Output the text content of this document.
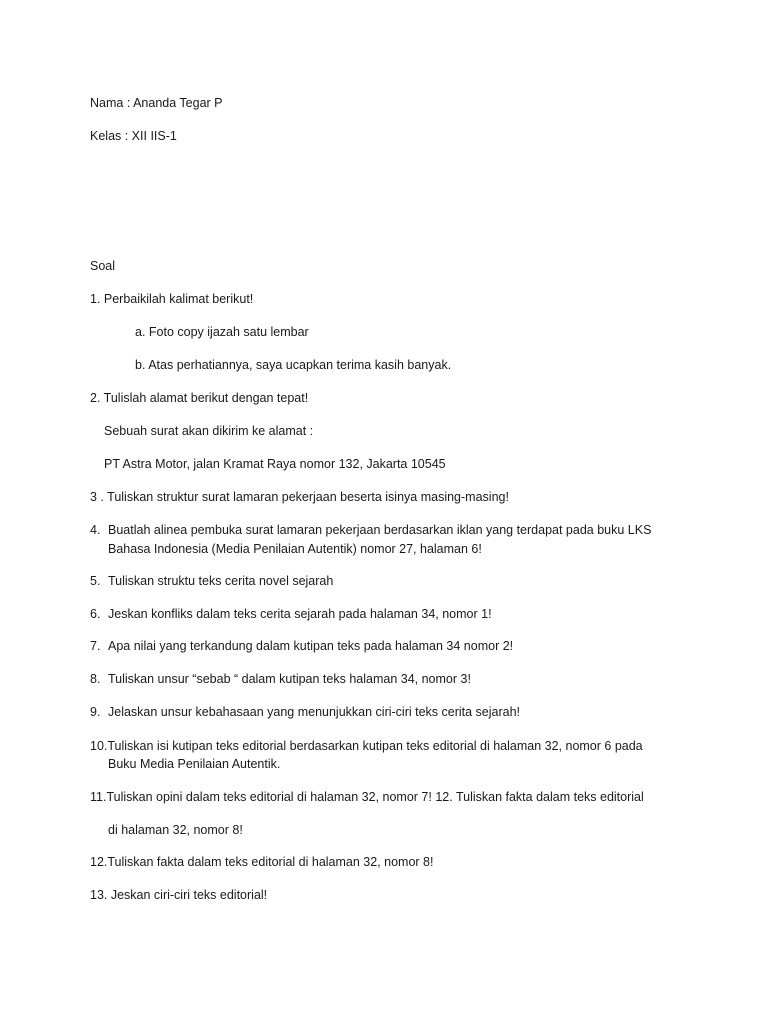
Nama : Ananda Tegar P
Kelas : XII IIS-1
Soal
1. Perbaikilah kalimat berikut!
a. Foto copy ijazah satu lembar
b. Atas perhatiannya, saya ucapkan terima kasih banyak.
2. Tulislah alamat berikut dengan tepat!
Sebuah surat akan dikirim ke alamat :
PT Astra Motor, jalan Kramat Raya nomor 132, Jakarta 10545
3 . Tuliskan struktur surat lamaran pekerjaan beserta isinya masing-masing!
4. Buatlah alinea pembuka surat lamaran pekerjaan berdasarkan iklan yang terdapat pada buku LKS
Bahasa Indonesia (Media Penilaian Autentik) nomor 27, halaman 6!
5. Tuliskan struktu teks cerita novel sejarah
6. Jeskan konfliks dalam teks cerita sejarah pada halaman 34, nomor 1!
7. Apa nilai yang terkandung dalam kutipan teks pada halaman 34 nomor 2!
8. Tuliskan unsur “sebab “ dalam kutipan teks halaman 34, nomor 3!
9. Jelaskan unsur kebahasaan yang menunjukkan ciri-ciri teks cerita sejarah!
10.Tuliskan isi kutipan teks editorial berdasarkan kutipan teks editorial di halaman 32, nomor 6 pada
Buku Media Penilaian Autentik.
11.Tuliskan opini dalam teks editorial di halaman 32, nomor 7! 12. Tuliskan fakta dalam teks editorial
di halaman 32, nomor 8!
12.Tuliskan fakta dalam teks editorial di halaman 32, nomor 8!
13. Jeskan ciri-ciri teks editorial!
